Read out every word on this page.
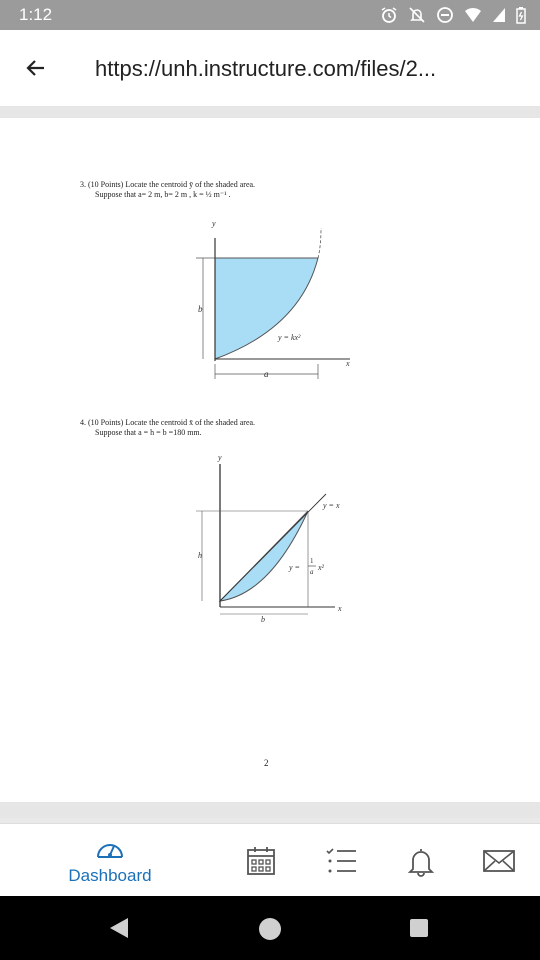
1:12
https://unh.instructure.com/files/2...
3. (10 Points) Locate the centroid ȳ of the shaded area.
Suppose that a= 2 m, b= 2 m , k = ½ m⁻¹ .
y
b
y = kx²
x
a
4. (10 Points) Locate the centroid x̄ of the shaded area.
Suppose that a = h = b =180 mm.
y
y = x
h
y =
1
a x²
x
b
2
Dashboard
